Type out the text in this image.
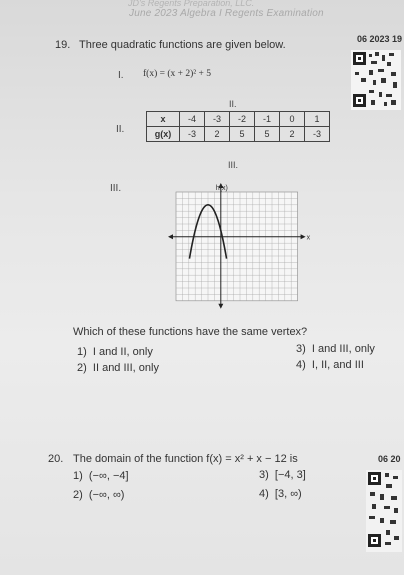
JD's Regents Preparation, LLC.
June 2023 Algebra I Regents Examination
19. Three quadratic functions are given below.	06 2023 19
I. f(x) = (x + 2)² + 5
II.
II.
x	-4	-3	-2	-1	0	1
g(x)	-3	2	5	5	2	-3
III.
III.	h(x)
x
Which of these functions have the same vertex?
1) I and II, only
2) II and III, only
3) I and III, only
4) I, II, and III
20. The domain of the function f(x) = x² + x − 12 is	06 20
1) (−∞, −4]
2) (−∞, ∞)
3) [−4, 3]
4) [3, ∞)
